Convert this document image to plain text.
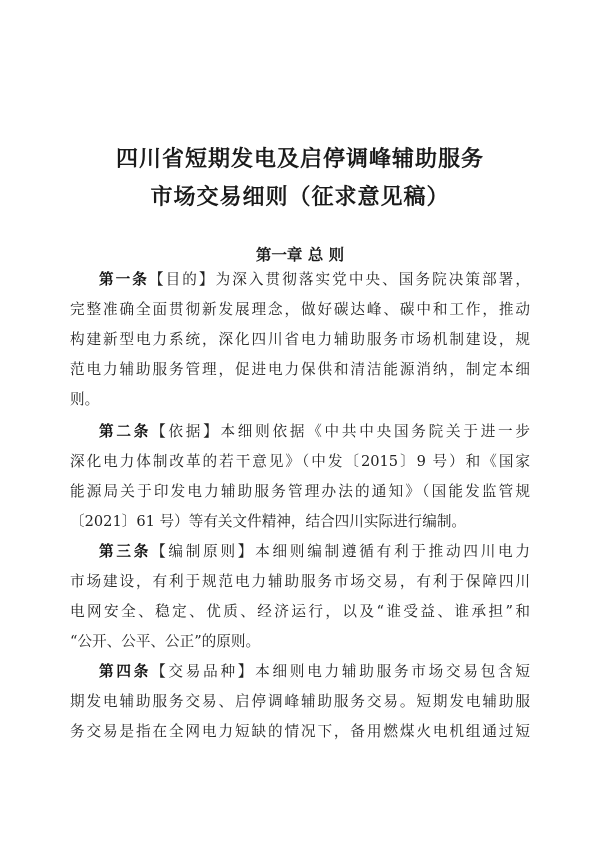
四川省短期发电及启停调峰辅助服务
市场交易细则（征求意见稿）
第一章 总 则
第一条【目的】为深入贯彻落实党中央、国务院决策部署，
完整准确全面贯彻新发展理念，做好碳达峰、碳中和工作，推动
构建新型电力系统，深化四川省电力辅助服务市场机制建设，规
范电力辅助服务管理，促进电力保供和清洁能源消纳，制定本细
则。
第二条【依据】本细则依据《中共中央国务院关于进一步
深化电力体制改革的若干意见》（中发〔2015〕9 号）和《国家
能源局关于印发电力辅助服务管理办法的通知》（国能发监管规
〔2021〕61 号）等有关文件精神，结合四川实际进行编制。
第三条【编制原则】本细则编制遵循有利于推动四川电力
市场建设，有利于规范电力辅助服务市场交易，有利于保障四川
电网安全、稳定、优质、经济运行，以及“谁受益、谁承担”和
“公开、公平、公正”的原则。
第四条【交易品种】本细则电力辅助服务市场交易包含短
期发电辅助服务交易、启停调峰辅助服务交易。短期发电辅助服
务交易是指在全网电力短缺的情况下，备用燃煤火电机组通过短
